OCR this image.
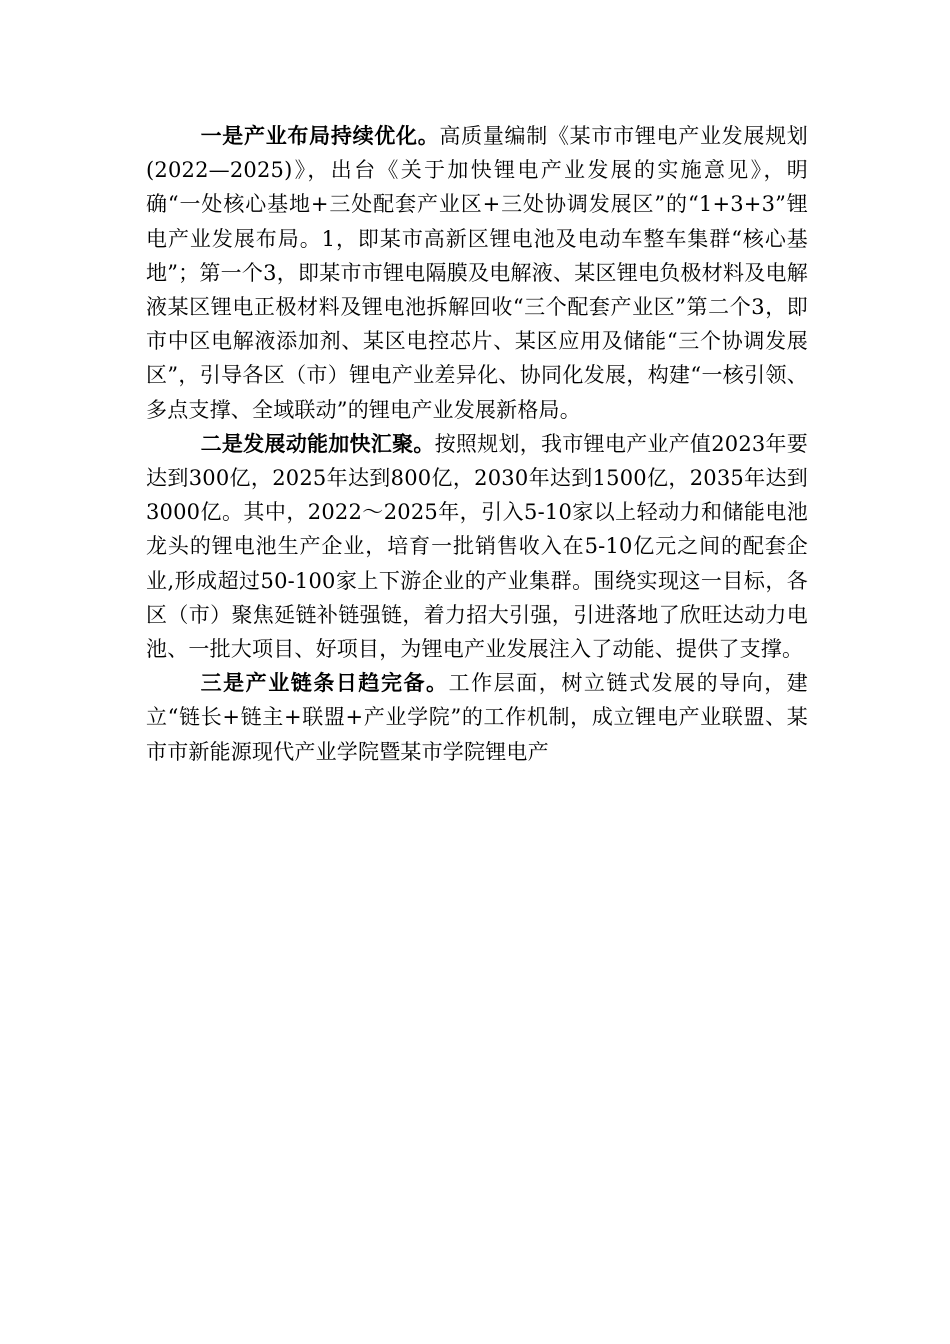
一是产业布局持续优化。高质量编制《某市市锂电产业发展规划(2022—2025)》，出台《关于加快锂电产业发展的实施意见》，明确“一处核心基地+三处配套产业区+三处协调发展区”的“1+3+3”锂电产业发展布局。1，即某市高新区锂电池及电动车整车集群“核心基地”；第一个3，即某市市锂电隔膜及电解液、某区锂电负极材料及电解液某区锂电正极材料及锂电池拆解回收“三个配套产业区”第二个3，即市中区电解液添加剂、某区电控芯片、某区应用及储能“三个协调发展区”，引导各区（市）锂电产业差异化、协同化发展，构建“一核引领、多点支撑、全域联动”的锂电产业发展新格局。

二是发展动能加快汇聚。按照规划，我市锂电产业产值2023年要达到300亿，2025年达到800亿，2030年达到1500亿，2035年达到3000亿。其中，2022～2025年，引入5-10家以上轻动力和储能电池龙头的锂电池生产企业，培育一批销售收入在5-10亿元之间的配套企业,形成超过50-100家上下游企业的产业集群。围绕实现这一目标，各区（市）聚焦延链补链强链，着力招大引强，引进落地了欣旺达动力电池、一批大项目、好项目，为锂电产业发展注入了动能、提供了支撑。

三是产业链条日趋完备。工作层面，树立链式发展的导向，建立“链长+链主+联盟+产业学院”的工作机制，成立锂电产业联盟、某市市新能源现代产业学院暨某市学院锂电产
